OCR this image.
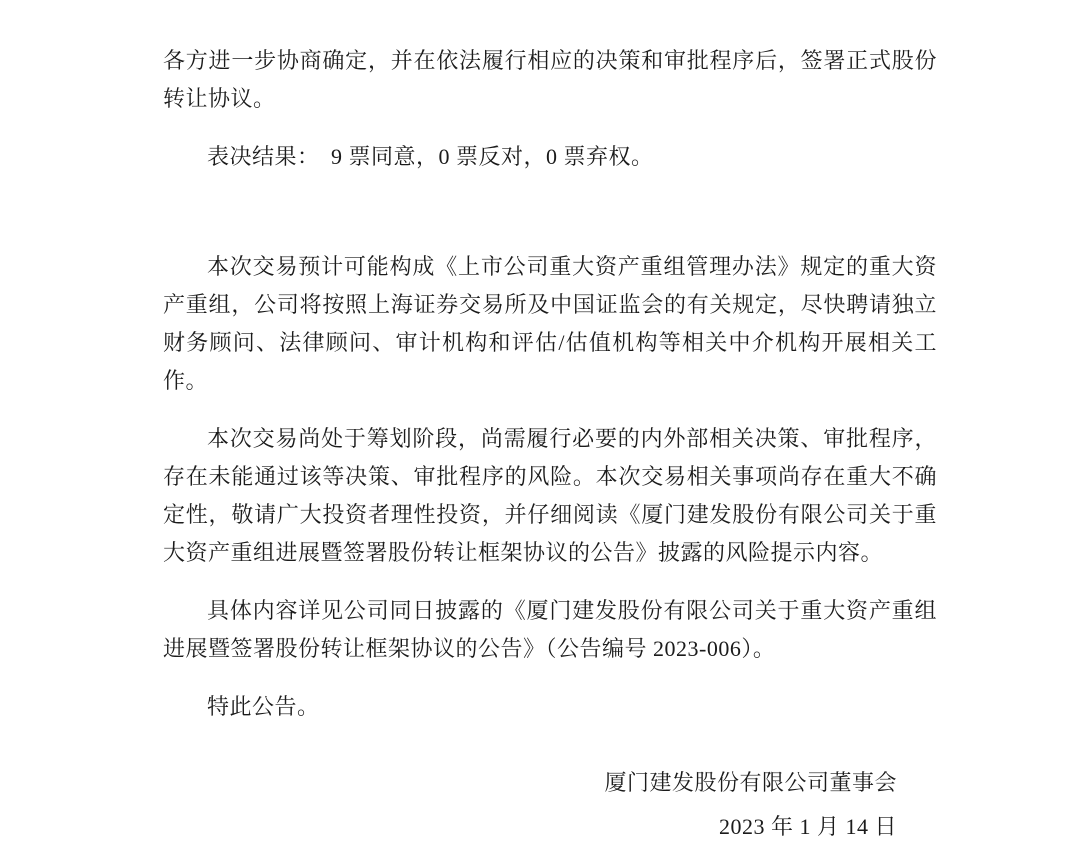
各方进一步协商确定，并在依法履行相应的决策和审批程序后，签署正式股份转让协议。

表决结果：　9 票同意，0 票反对，0 票弃权。

本次交易预计可能构成《上市公司重大资产重组管理办法》规定的重大资产重组，公司将按照上海证券交易所及中国证监会的有关规定，尽快聘请独立财务顾问、法律顾问、审计机构和评估/估值机构等相关中介机构开展相关工作。

本次交易尚处于筹划阶段，尚需履行必要的内外部相关决策、审批程序，存在未能通过该等决策、审批程序的风险。本次交易相关事项尚存在重大不确定性，敬请广大投资者理性投资，并仔细阅读《厦门建发股份有限公司关于重大资产重组进展暨签署股份转让框架协议的公告》披露的风险提示内容。

具体内容详见公司同日披露的《厦门建发股份有限公司关于重大资产重组进展暨签署股份转让框架协议的公告》（公告编号 2023-006）。

特此公告。

厦门建发股份有限公司董事会

2023 年 1 月 14 日
